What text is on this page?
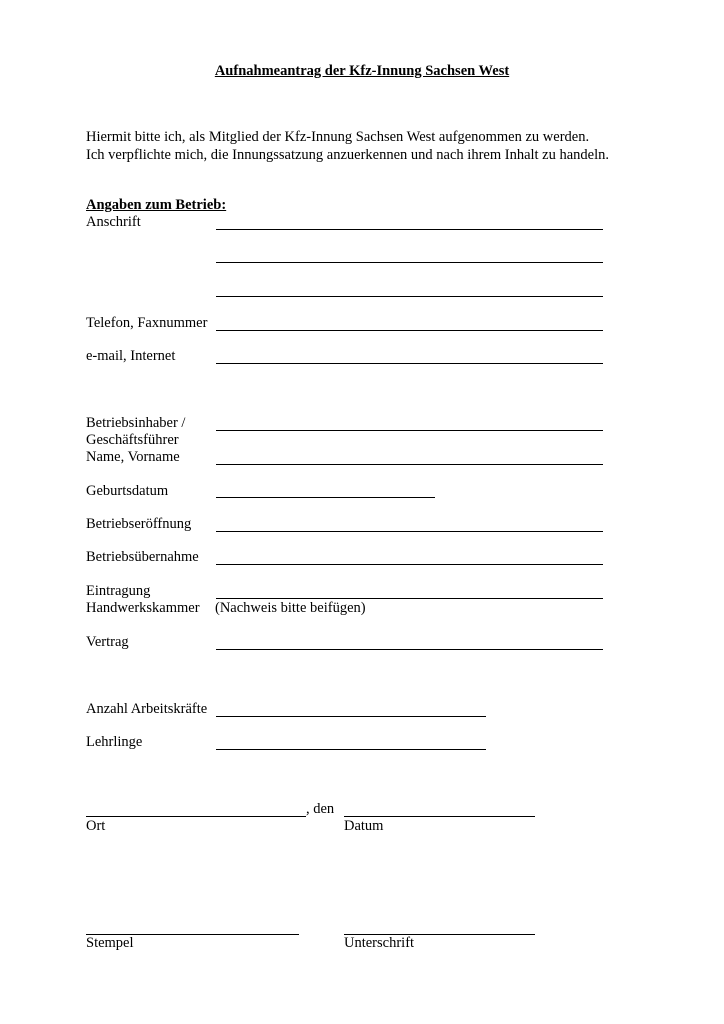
Aufnahmeantrag der Kfz-Innung Sachsen West
Hiermit bitte ich, als Mitglied der Kfz-Innung Sachsen West aufgenommen zu werden.
Ich verpflichte mich, die Innungssatzung anzuerkennen und nach ihrem Inhalt zu handeln.
Angaben zum Betrieb:
Anschrift
Telefon, Faxnummer
e-mail, Internet
Betriebsinhaber /
Geschäftsführer
Name, Vorname
Geburtsdatum
Betriebseröffnung
Betriebsübernahme
Eintragung
Handwerkskammer (Nachweis bitte beifügen)
Vertrag
Anzahl Arbeitskräfte
Lehrlinge
, den
Ort	Datum
Stempel	Unterschrift
